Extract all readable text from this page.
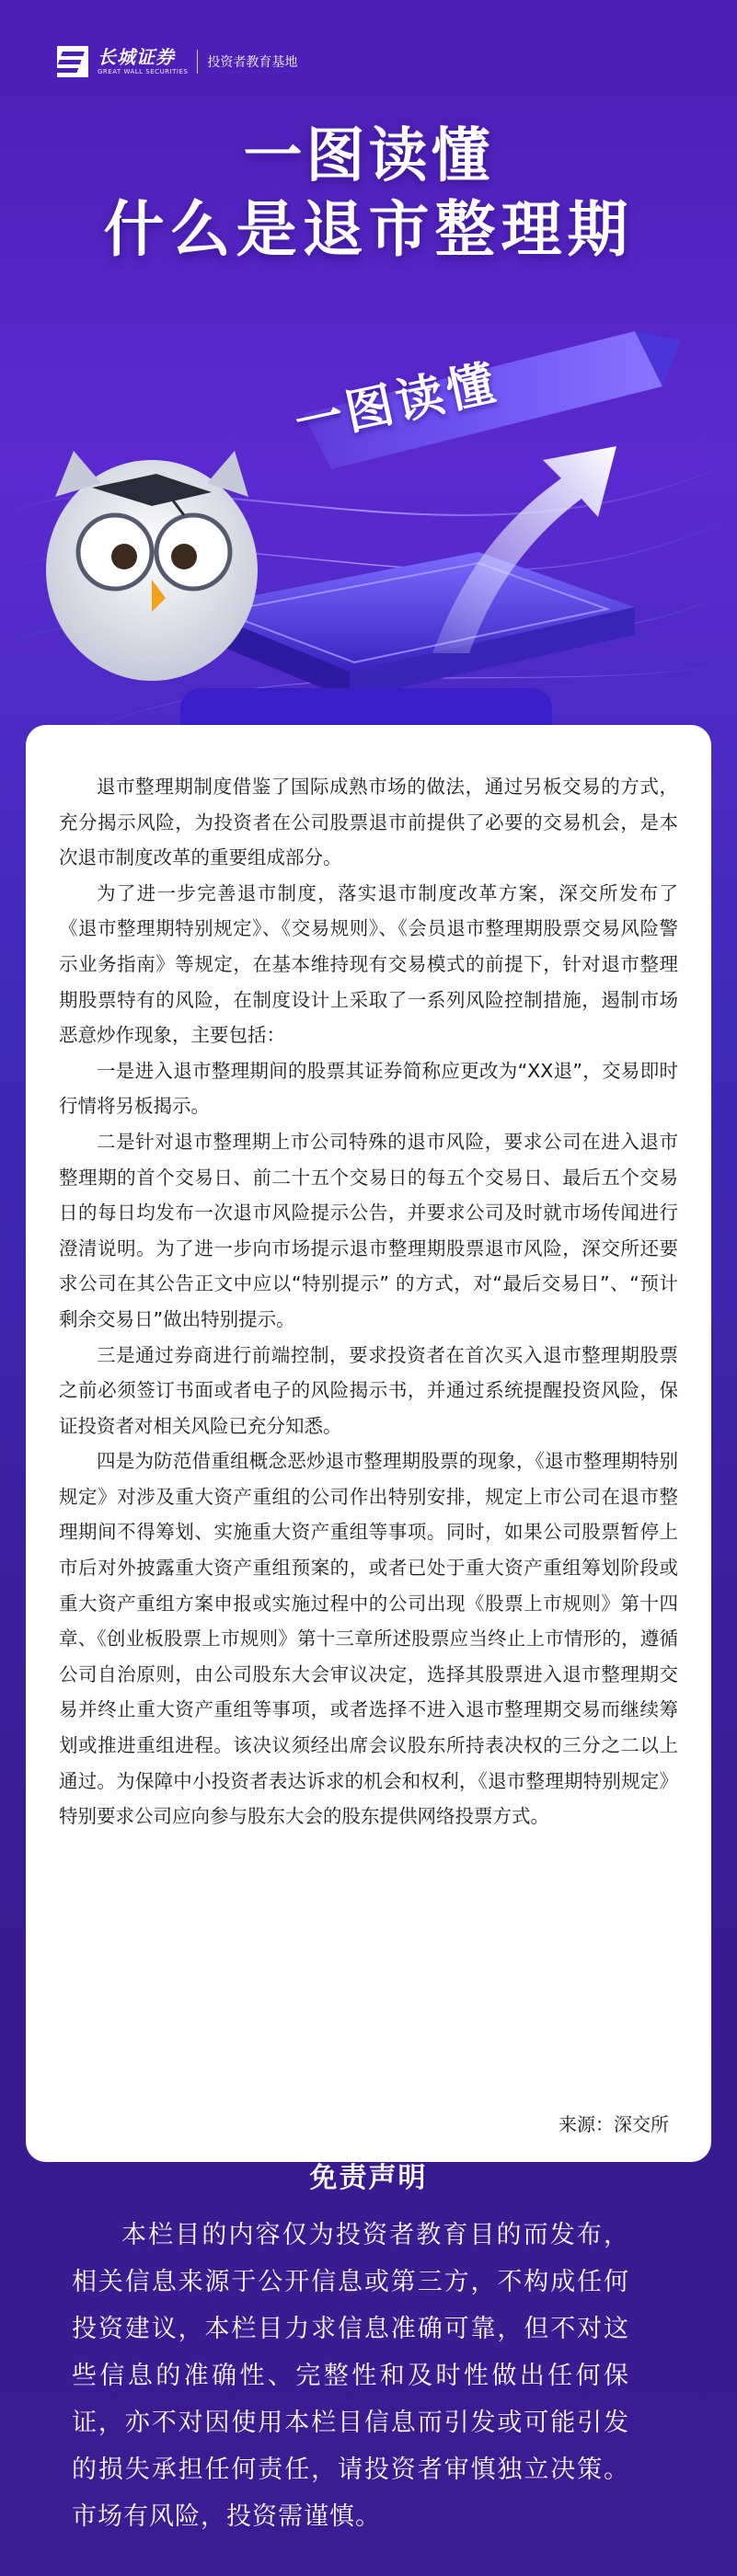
长城证券
GREAT WALL SECURITIES
投资者教育基地
一图读懂
什么是退市整理期
一图读懂

退市整理期制度借鉴了国际成熟市场的做法，通过另板交易的方式，充分揭示风险，为投资者在公司股票退市前提供了必要的交易机会，是本次退市制度改革的重要组成部分。

为了进一步完善退市制度，落实退市制度改革方案，深交所发布了《退市整理期特别规定》、《交易规则》、《会员退市整理期股票交易风险警示业务指南》等规定，在基本维持现有交易模式的前提下，针对退市整理期股票特有的风险，在制度设计上采取了一系列风险控制措施，遏制市场恶意炒作现象，主要包括：

一是进入退市整理期间的股票其证券简称应更改为“XX退”，交易即时行情将另板揭示。

二是针对退市整理期上市公司特殊的退市风险，要求公司在进入退市整理期的首个交易日、前二十五个交易日的每五个交易日、最后五个交易日的每日均发布一次退市风险提示公告，并要求公司及时就市场传闻进行澄清说明。为了进一步向市场提示退市整理期股票退市风险，深交所还要求公司在其公告正文中应以“特别提示” 的方式，对“最后交易日”、“预计剩余交易日”做出特别提示。

三是通过券商进行前端控制，要求投资者在首次买入退市整理期股票之前必须签订书面或者电子的风险揭示书，并通过系统提醒投资风险，保证投资者对相关风险已充分知悉。

四是为防范借重组概念恶炒退市整理期股票的现象，《退市整理期特别规定》对涉及重大资产重组的公司作出特别安排，规定上市公司在退市整理期间不得筹划、实施重大资产重组等事项。同时，如果公司股票暂停上市后对外披露重大资产重组预案的，或者已处于重大资产重组筹划阶段或重大资产重组方案申报或实施过程中的公司出现《股票上市规则》第十四章、《创业板股票上市规则》第十三章所述股票应当终止上市情形的，遵循公司自治原则，由公司股东大会审议决定，选择其股票进入退市整理期交易并终止重大资产重组等事项，或者选择不进入退市整理期交易而继续筹划或推进重组进程。该决议须经出席会议股东所持表决权的三分之二以上通过。为保障中小投资者表达诉求的机会和权利，《退市整理期特别规定》特别要求公司应向参与股东大会的股东提供网络投票方式。

来源：深交所
免责声明

本栏目的内容仅为投资者教育目的而发布，相关信息来源于公开信息或第三方，不构成任何投资建议，本栏目力求信息准确可靠，但不对这些信息的准确性、完整性和及时性做出任何保证，亦不对因使用本栏目信息而引发或可能引发的损失承担任何责任，请投资者审慎独立决策。市场有风险，投资需谨慎。
